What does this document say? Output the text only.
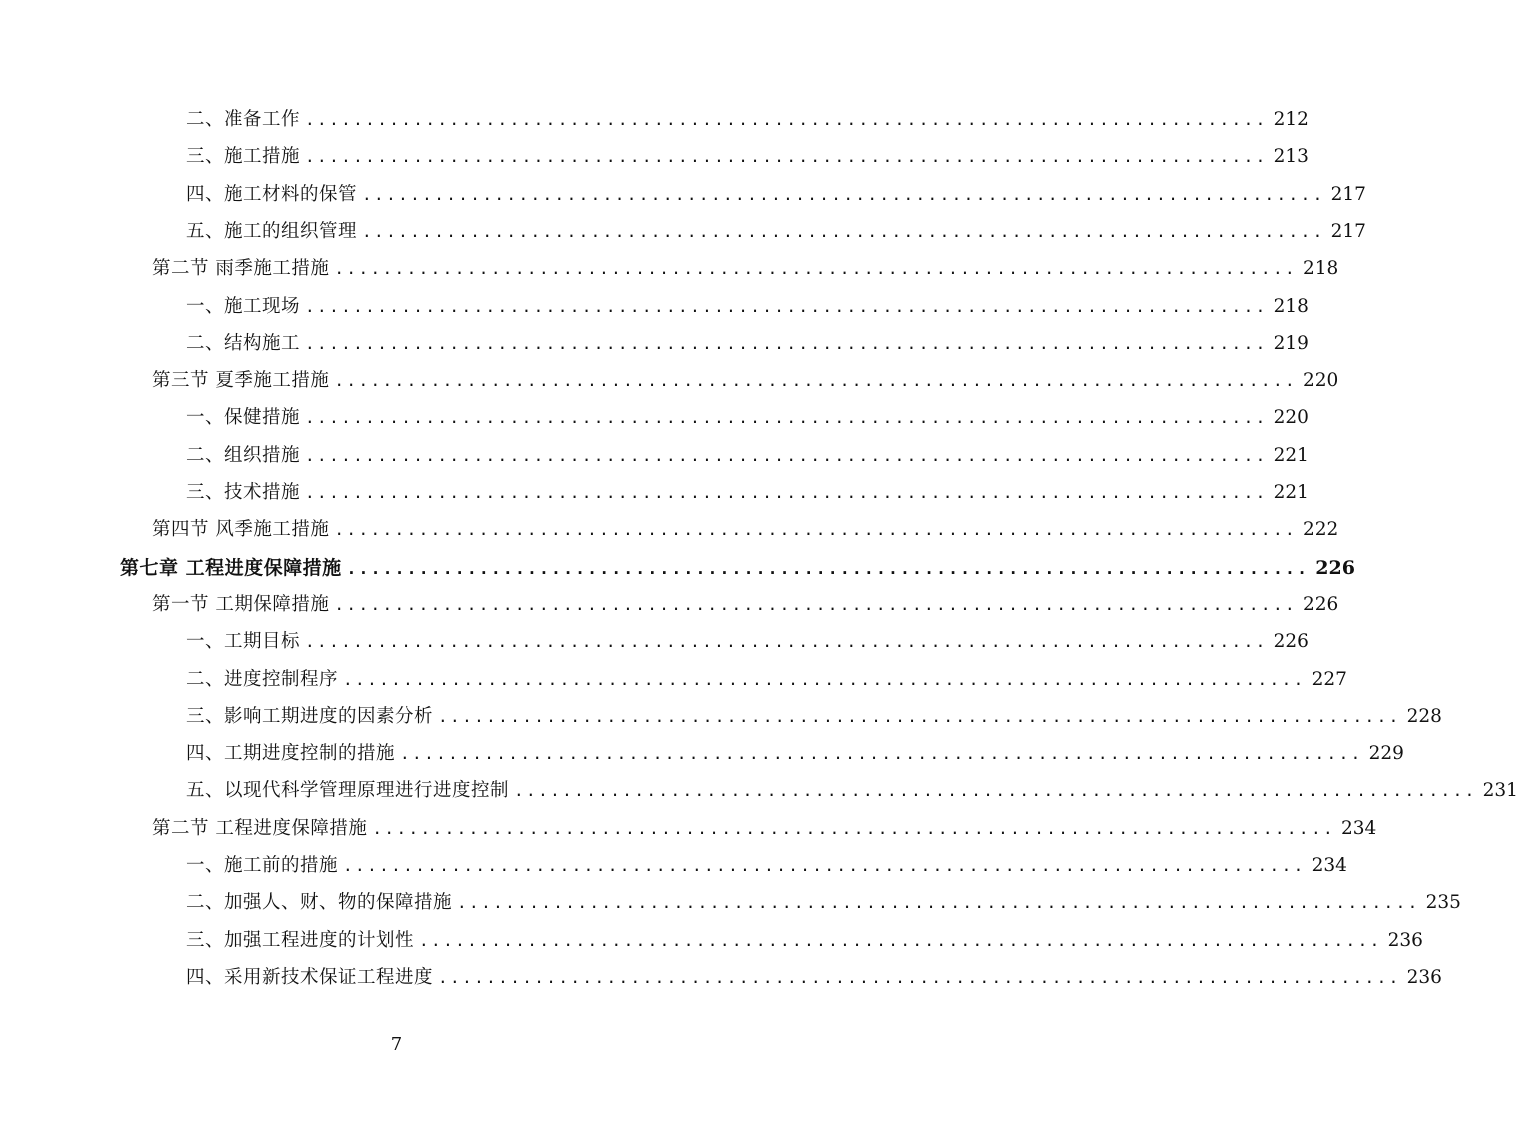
二、准备工作 ................................................................................ 212
三、施工措施 ................................................................................ 213
四、施工材料的保管 ................................................................................ 217
五、施工的组织管理 ................................................................................ 217
第二节 雨季施工措施 ................................................................................ 218
一、施工现场 ................................................................................ 218
二、结构施工 ................................................................................ 219
第三节 夏季施工措施 ................................................................................ 220
一、保健措施 ................................................................................ 220
二、组织措施 ................................................................................ 221
三、技术措施 ................................................................................ 221
第四节 风季施工措施 ................................................................................ 222
第七章 工程进度保障措施 ................................................................................ 226
第一节 工期保障措施 ................................................................................ 226
一、工期目标 ................................................................................ 226
二、进度控制程序 ................................................................................ 227
三、影响工期进度的因素分析 ................................................................................ 228
四、工期进度控制的措施 ................................................................................ 229
五、以现代科学管理原理进行进度控制 ................................................................................ 231
第二节 工程进度保障措施 ................................................................................ 234
一、施工前的措施 ................................................................................ 234
二、加强人、财、物的保障措施 ................................................................................ 235
三、加强工程进度的计划性 ................................................................................ 236
四、采用新技术保证工程进度 ................................................................................ 236
7
